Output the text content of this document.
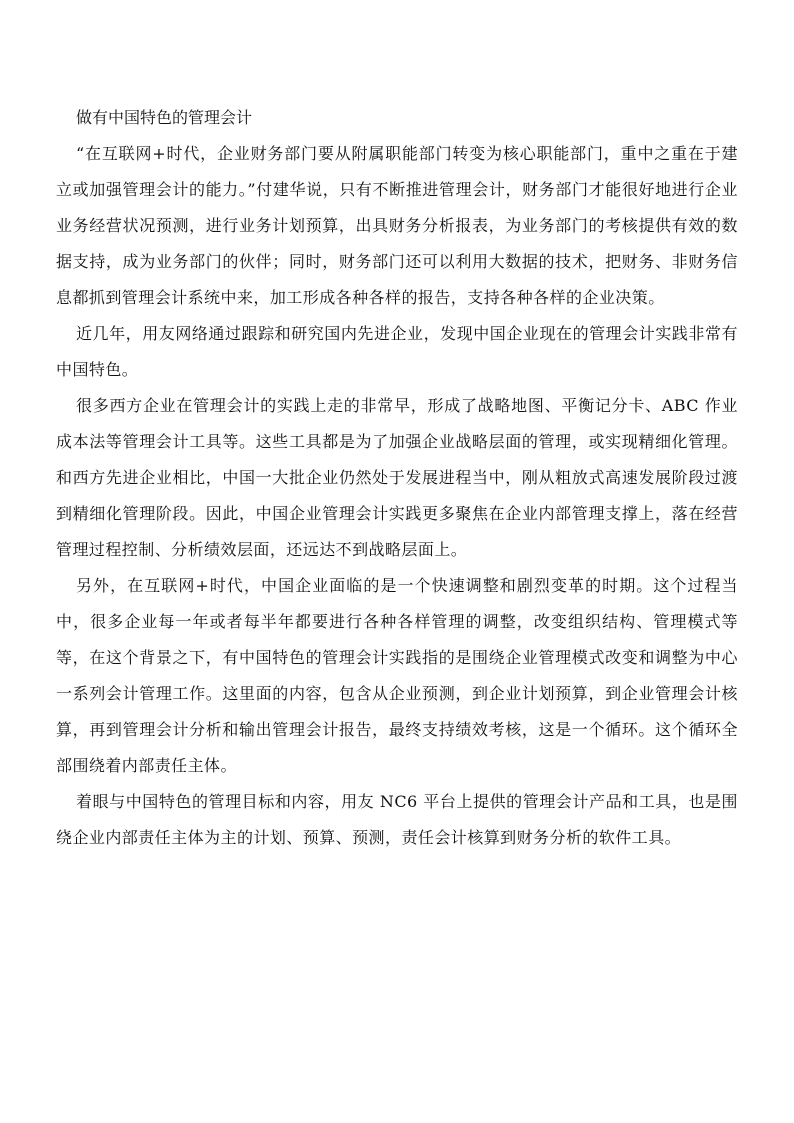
做有中国特色的管理会计

“在互联网+时代，企业财务部门要从附属职能部门转变为核心职能部门，重中之重在于建立或加强管理会计的能力。”付建华说，只有不断推进管理会计，财务部门才能很好地进行企业业务经营状况预测，进行业务计划预算，出具财务分析报表，为业务部门的考核提供有效的数据支持，成为业务部门的伙伴；同时，财务部门还可以利用大数据的技术，把财务、非财务信息都抓到管理会计系统中来，加工形成各种各样的报告，支持各种各样的企业决策。

近几年，用友网络通过跟踪和研究国内先进企业，发现中国企业现在的管理会计实践非常有中国特色。

很多西方企业在管理会计的实践上走的非常早，形成了战略地图、平衡记分卡、ABC 作业成本法等管理会计工具等。这些工具都是为了加强企业战略层面的管理，或实现精细化管理。和西方先进企业相比，中国一大批企业仍然处于发展进程当中，刚从粗放式高速发展阶段过渡到精细化管理阶段。因此，中国企业管理会计实践更多聚焦在企业内部管理支撑上，落在经营管理过程控制、分析绩效层面，还远达不到战略层面上。

另外，在互联网+时代，中国企业面临的是一个快速调整和剧烈变革的时期。这个过程当中，很多企业每一年或者每半年都要进行各种各样管理的调整，改变组织结构、管理模式等等，在这个背景之下，有中国特色的管理会计实践指的是围绕企业管理模式改变和调整为中心一系列会计管理工作。这里面的内容，包含从企业预测，到企业计划预算，到企业管理会计核算，再到管理会计分析和输出管理会计报告，最终支持绩效考核，这是一个循环。这个循环全部围绕着内部责任主体。

着眼与中国特色的管理目标和内容，用友 NC6 平台上提供的管理会计产品和工具，也是围绕企业内部责任主体为主的计划、预算、预测，责任会计核算到财务分析的软件工具。
